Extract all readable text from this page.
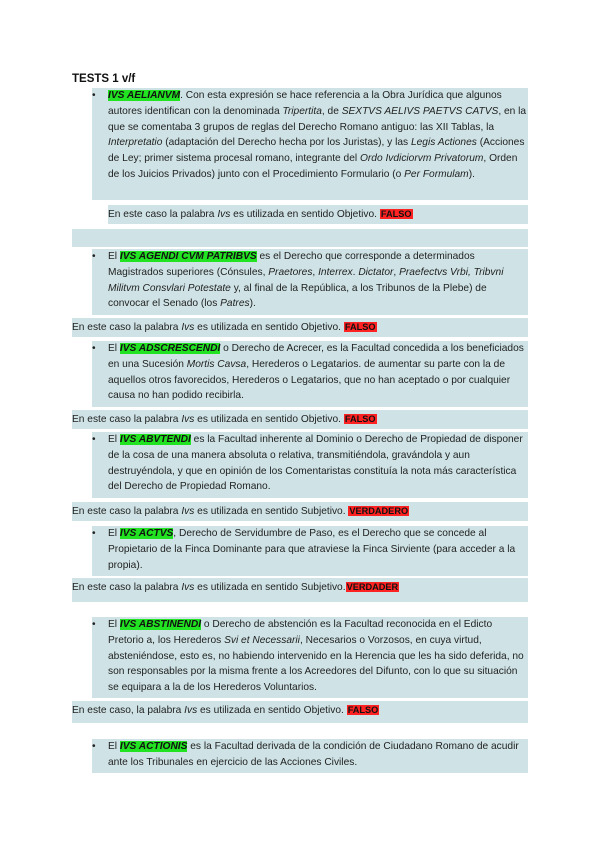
TESTS 1 v/f
•	IVS AELIANVM. Con esta expresión se hace referencia a la Obra Jurídica que algunos autores identifican con la denominada Tripertita, de SEXTVS AELIVS PAETVS CATVS, en la que se comentaba 3 grupos de reglas del Derecho Romano antiguo: las XII Tablas, la Interpretatio (adaptación del Derecho hecha por los Juristas), y las Legis Actiones (Acciones de Ley; primer sistema procesal romano, integrante del Ordo Ivdiciorvm Privatorum, Orden de los Juicios Privados) junto con el Procedimiento Formulario (o Per Formulam).
En este caso la palabra Ivs es utilizada en sentido Objetivo. FALSO
•	El IVS AGENDI CVM PATRIBVS es el Derecho que corresponde a determinados Magistrados superiores (Cónsules, Praetores, Interrex. Dictator, Praefectvs Vrbi, Tribvni Militvm Consvlari Potestate y, al final de la República, a los Tribunos de la Plebe) de convocar el Senado (los Patres).
En este caso la palabra Ivs es utilizada en sentido Objetivo. FALSO
•	El IVS ADSCRESCENDI o Derecho de Acrecer, es la Facultad concedida a los beneficiados en una Sucesión Mortis Cavsa, Herederos o Legatarios. de aumentar su parte con la de aquellos otros favorecidos, Herederos o Legatarios, que no han aceptado o por cualquier causa no han podido recibirla.
En este caso la palabra Ivs es utilizada en sentido Objetivo. FALSO
•	El IVS ABVTENDI es la Facultad inherente al Dominio o Derecho de Propiedad de disponer de la cosa de una manera absoluta o relativa, transmitiéndola, gravándola y aun destruyéndola, y que en opinión de los Comentaristas constituía la nota más característica del Derecho de Propiedad Romano.
En este caso la palabra Ivs es utilizada en sentido Subjetivo. VERDADERO
•	El IVS ACTVS, Derecho de Servidumbre de Paso, es el Derecho que se concede al Propietario de la Finca Dominante para que atraviese la Finca Sirviente (para acceder a la propia).
En este caso la palabra Ivs es utilizada en sentido Subjetivo.VERDADER
•	El IVS ABSTINENDI o Derecho de abstención es la Facultad reconocida en el Edicto Pretorio a, los Herederos Svi et Necessarii, Necesarios o Vorzosos, en cuya virtud, absteniéndose, esto es, no habiendo intervenido en la Herencia que les ha sido deferida, no son responsables por la misma frente a los Acreedores del Difunto, con lo que su situación se equipara a la de los Herederos Voluntarios.
En este caso, la palabra Ivs es utilizada en sentido Objetivo. FALSO
•	El IVS ACTIONIS es la Facultad derivada de la condición de Ciudadano Romano de acudir ante los Tribunales en ejercicio de las Acciones Civiles.
